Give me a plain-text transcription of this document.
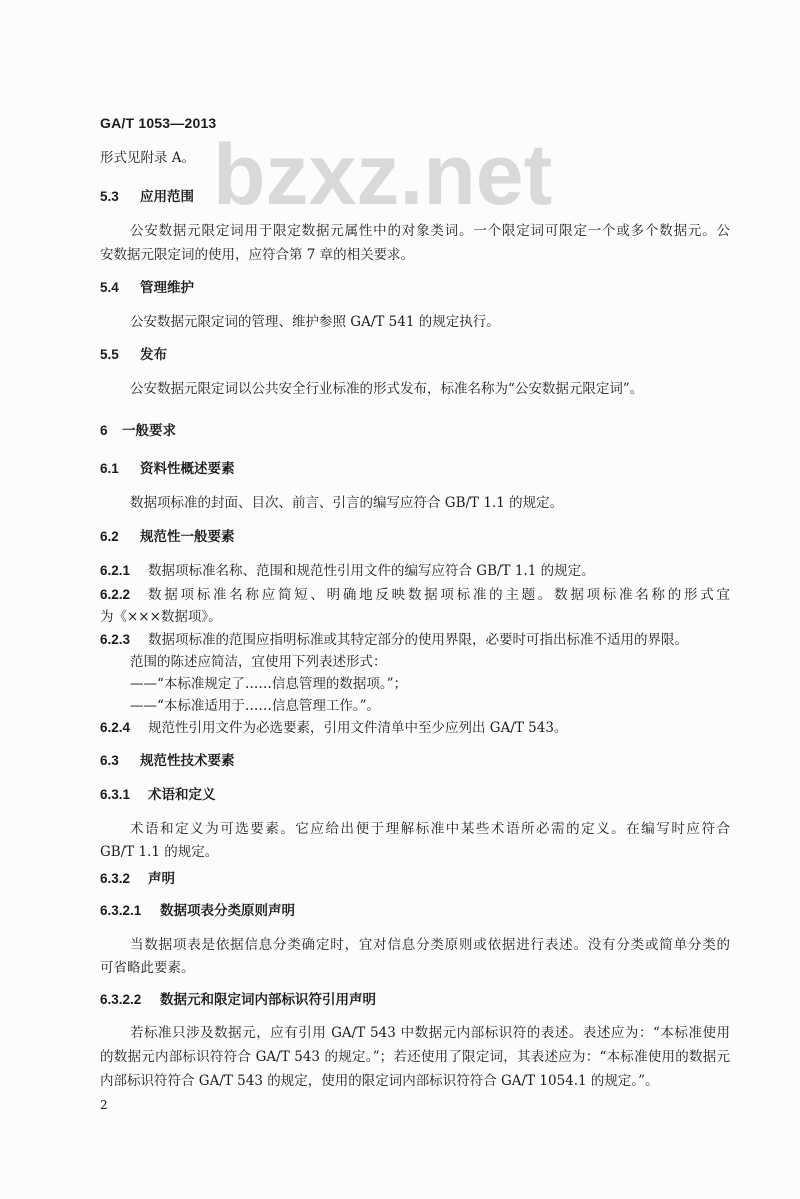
bzxz.net
GA/T 1053—2013
形式见附录 A。
5.3 应用范围
公安数据元限定词用于限定数据元属性中的对象类词。一个限定词可限定一个或多个数据元。公
安数据元限定词的使用，应符合第 7 章的相关要求。
5.4 管理维护
公安数据元限定词的管理、维护参照 GA/T 541 的规定执行。
5.5 发布
公安数据元限定词以公共安全行业标准的形式发布，标准名称为“公安数据元限定词”。
6 一般要求
6.1 资料性概述要素
数据项标准的封面、目次、前言、引言的编写应符合 GB/T 1.1 的规定。
6.2 规范性一般要素
6.2.1 数据项标准名称、范围和规范性引用文件的编写应符合 GB/T 1.1 的规定。
6.2.2 数据项标准名称应简短、明确地反映数据项标准的主题。数据项标准名称的形式宜
为《×××数据项》。
6.2.3 数据项标准的范围应指明标准或其特定部分的使用界限，必要时可指出标准不适用的界限。
范围的陈述应简洁，宜使用下列表述形式：
——“本标准规定了……信息管理的数据项。”；
——“本标准适用于……信息管理工作。”。
6.2.4 规范性引用文件为必选要素，引用文件清单中至少应列出 GA/T 543。
6.3 规范性技术要素
6.3.1 术语和定义
术语和定义为可选要素。它应给出便于理解标准中某些术语所必需的定义。在编写时应符合
GB/T 1.1 的规定。
6.3.2 声明
6.3.2.1 数据项表分类原则声明
当数据项表是依据信息分类确定时，宜对信息分类原则或依据进行表述。没有分类或简单分类的
可省略此要素。
6.3.2.2 数据元和限定词内部标识符引用声明
若标准只涉及数据元，应有引用 GA/T 543 中数据元内部标识符的表述。表述应为：“本标准使用
的数据元内部标识符符合 GA/T 543 的规定。”；若还使用了限定词，其表述应为：“本标准使用的数据元
内部标识符符合 GA/T 543 的规定，使用的限定词内部标识符符合 GA/T 1054.1 的规定。”。
2
